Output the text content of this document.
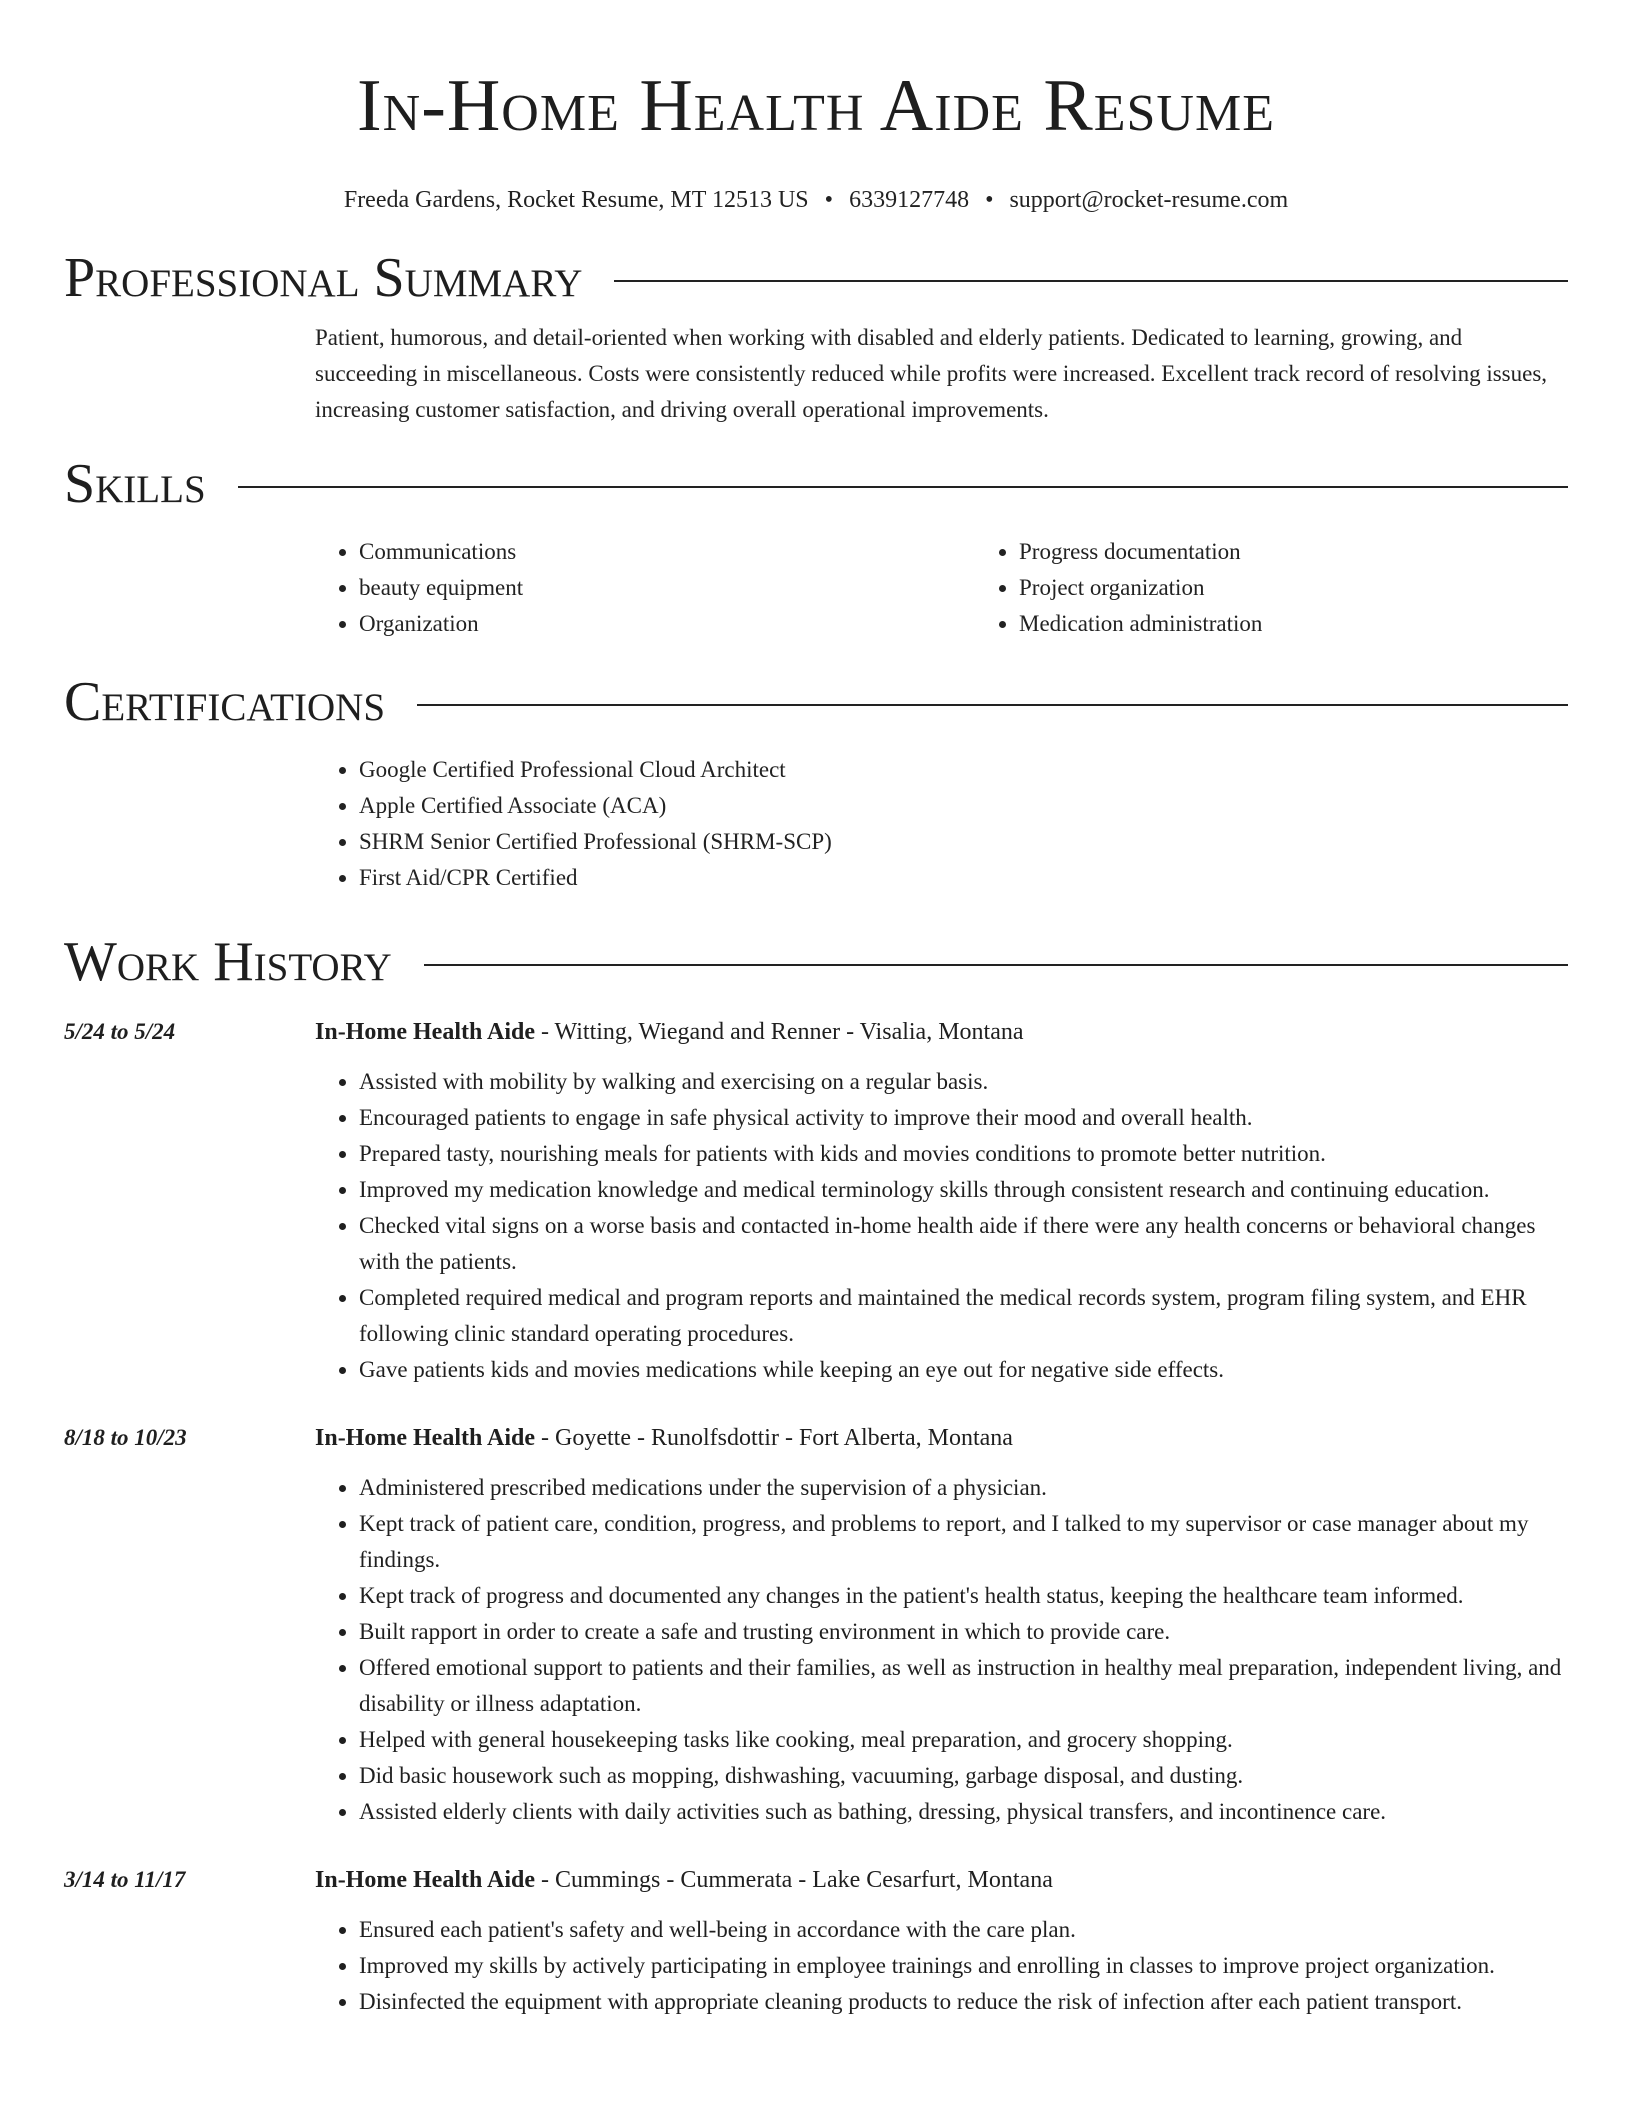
In-Home Health Aide Resume
Freeda Gardens, Rocket Resume, MT 12513 US • 6339127748 • support@rocket-resume.com
Professional Summary

Patient, humorous, and detail-oriented when working with disabled and elderly patients. Dedicated to learning, growing, and succeeding in miscellaneous. Costs were consistently reduced while profits were increased. Excellent track record of resolving issues, increasing customer satisfaction, and driving overall operational improvements.

Skills
• Communications
• beauty equipment
• Organization
• Progress documentation
• Project organization
• Medication administration
Certifications
• Google Certified Professional Cloud Architect
• Apple Certified Associate (ACA)
• SHRM Senior Certified Professional (SHRM-SCP)
• First Aid/CPR Certified
Work History
5/24 to 5/24	In-Home Health Aide - Witting, Wiegand and Renner - Visalia, Montana
• Assisted with mobility by walking and exercising on a regular basis.
• Encouraged patients to engage in safe physical activity to improve their mood and overall health.
• Prepared tasty, nourishing meals for patients with kids and movies conditions to promote better nutrition.
• Improved my medication knowledge and medical terminology skills through consistent research and continuing education.
• Checked vital signs on a worse basis and contacted in-home health aide if there were any health concerns or behavioral changes with the patients.
• Completed required medical and program reports and maintained the medical records system, program filing system, and EHR following clinic standard operating procedures.
• Gave patients kids and movies medications while keeping an eye out for negative side effects.
8/18 to 10/23	In-Home Health Aide - Goyette - Runolfsdottir - Fort Alberta, Montana
• Administered prescribed medications under the supervision of a physician.
• Kept track of patient care, condition, progress, and problems to report, and I talked to my supervisor or case manager about my findings.
• Kept track of progress and documented any changes in the patient's health status, keeping the healthcare team informed.
• Built rapport in order to create a safe and trusting environment in which to provide care.
• Offered emotional support to patients and their families, as well as instruction in healthy meal preparation, independent living, and disability or illness adaptation.
• Helped with general housekeeping tasks like cooking, meal preparation, and grocery shopping.
• Did basic housework such as mopping, dishwashing, vacuuming, garbage disposal, and dusting.
• Assisted elderly clients with daily activities such as bathing, dressing, physical transfers, and incontinence care.
3/14 to 11/17	In-Home Health Aide - Cummings - Cummerata - Lake Cesarfurt, Montana
• Ensured each patient's safety and well-being in accordance with the care plan.
• Improved my skills by actively participating in employee trainings and enrolling in classes to improve project organization.
• Disinfected the equipment with appropriate cleaning products to reduce the risk of infection after each patient transport.
